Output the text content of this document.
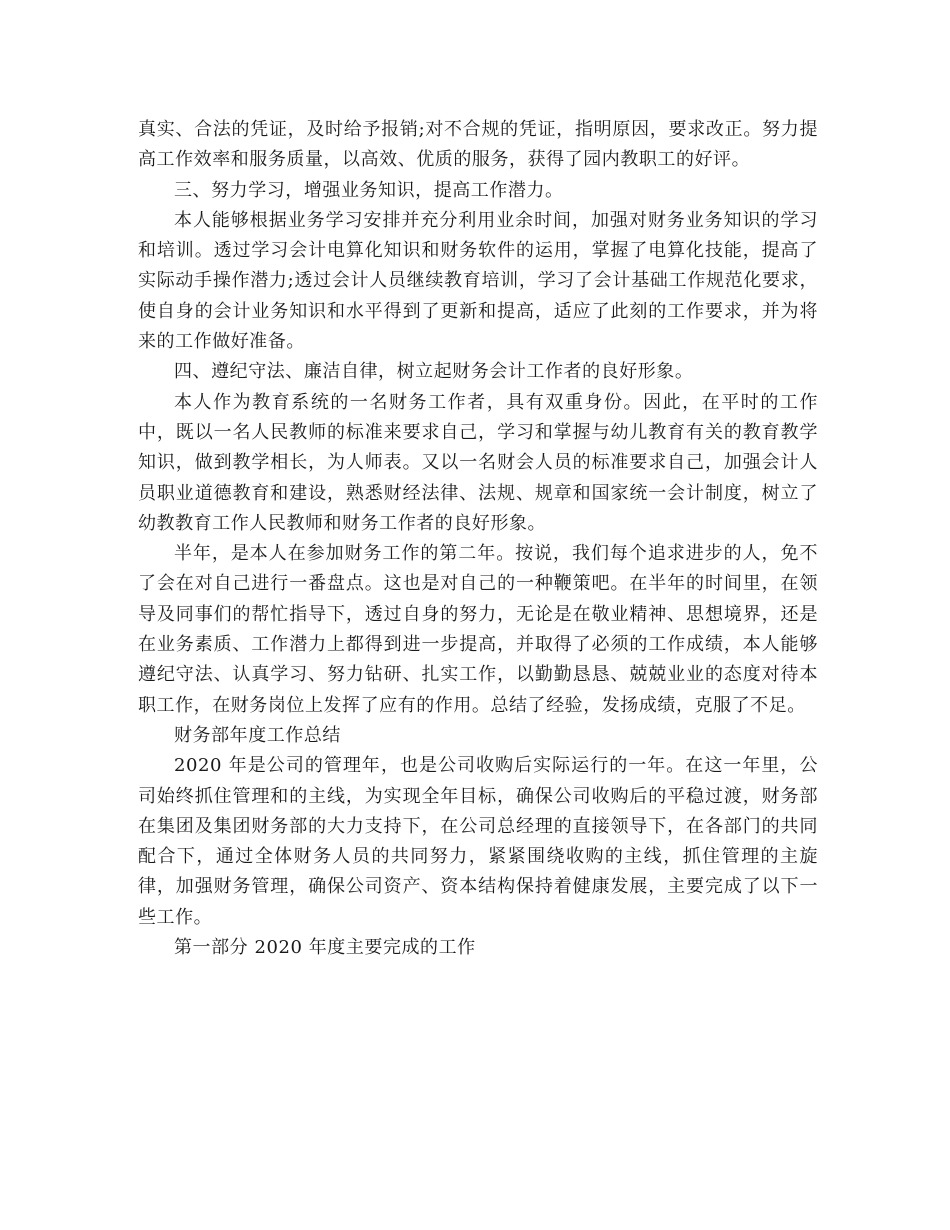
真实、合法的凭证，及时给予报销;对不合规的凭证，指明原因，要求改正。努力提高工作效率和服务质量，以高效、优质的服务，获得了园内教职工的好评。

三、努力学习，增强业务知识，提高工作潜力。

本人能够根据业务学习安排并充分利用业余时间，加强对财务业务知识的学习和培训。透过学习会计电算化知识和财务软件的运用，掌握了电算化技能，提高了实际动手操作潜力;透过会计人员继续教育培训，学习了会计基础工作规范化要求，使自身的会计业务知识和水平得到了更新和提高，适应了此刻的工作要求，并为将来的工作做好准备。

四、遵纪守法、廉洁自律，树立起财务会计工作者的良好形象。

本人作为教育系统的一名财务工作者，具有双重身份。因此，在平时的工作中，既以一名人民教师的标准来要求自己，学习和掌握与幼儿教育有关的教育教学知识，做到教学相长，为人师表。又以一名财会人员的标准要求自己，加强会计人员职业道德教育和建设，熟悉财经法律、法规、规章和国家统一会计制度，树立了幼教教育工作人民教师和财务工作者的良好形象。

半年，是本人在参加财务工作的第二年。按说，我们每个追求进步的人，免不了会在对自己进行一番盘点。这也是对自己的一种鞭策吧。在半年的时间里，在领导及同事们的帮忙指导下，透过自身的努力，无论是在敬业精神、思想境界，还是在业务素质、工作潜力上都得到进一步提高，并取得了必须的工作成绩，本人能够遵纪守法、认真学习、努力钻研、扎实工作，以勤勤恳恳、兢兢业业的态度对待本职工作，在财务岗位上发挥了应有的作用。总结了经验，发扬成绩，克服了不足。

财务部年度工作总结

2020 年是公司的管理年，也是公司收购后实际运行的一年。在这一年里，公司始终抓住管理和的主线，为实现全年目标，确保公司收购后的平稳过渡，财务部在集团及集团财务部的大力支持下，在公司总经理的直接领导下，在各部门的共同配合下，通过全体财务人员的共同努力，紧紧围绕收购的主线，抓住管理的主旋律，加强财务管理，确保公司资产、资本结构保持着健康发展，主要完成了以下一些工作。

第一部分 2020 年度主要完成的工作
